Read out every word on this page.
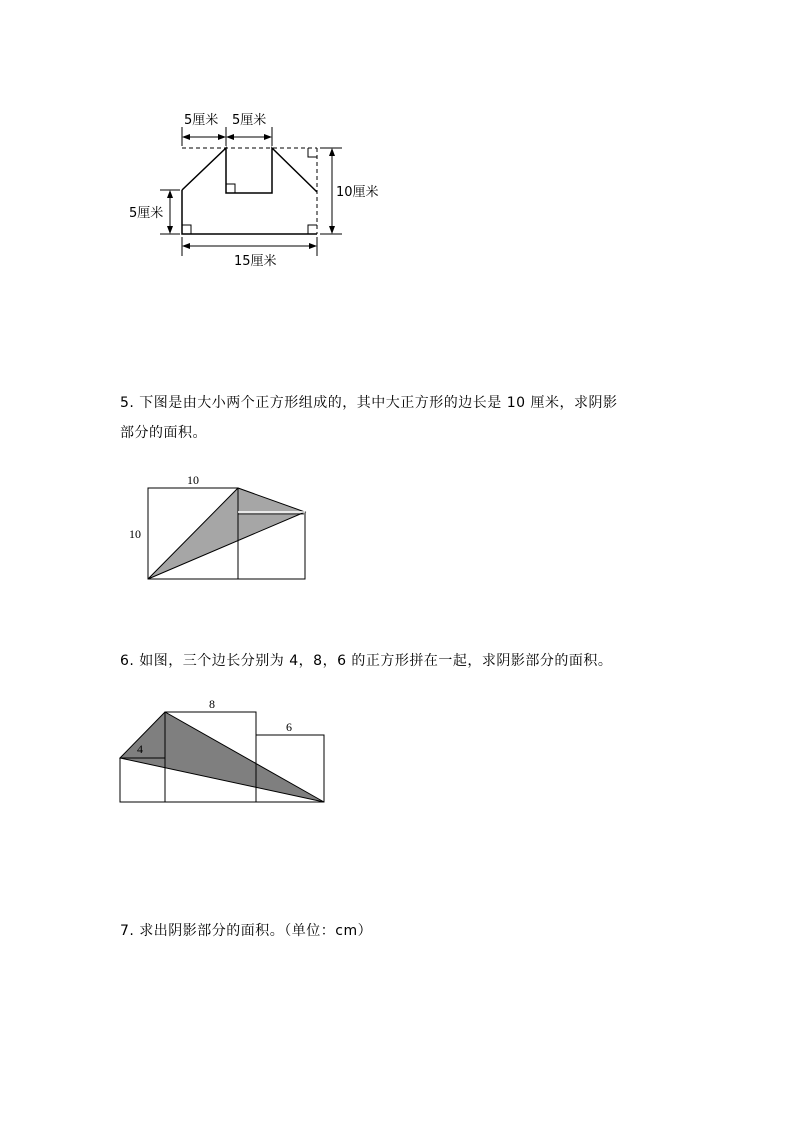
5厘米 5厘米
5厘米
10厘米
15厘米
5. 下图是由大小两个正方形组成的，其中大正方形的边长是 10 厘米，求阴影
部分的面积。
10
10
6. 如图，三个边长分别为 4，8，6 的正方形拼在一起，求阴影部分的面积。
4
8
6
7. 求出阴影部分的面积。（单位：cm）
